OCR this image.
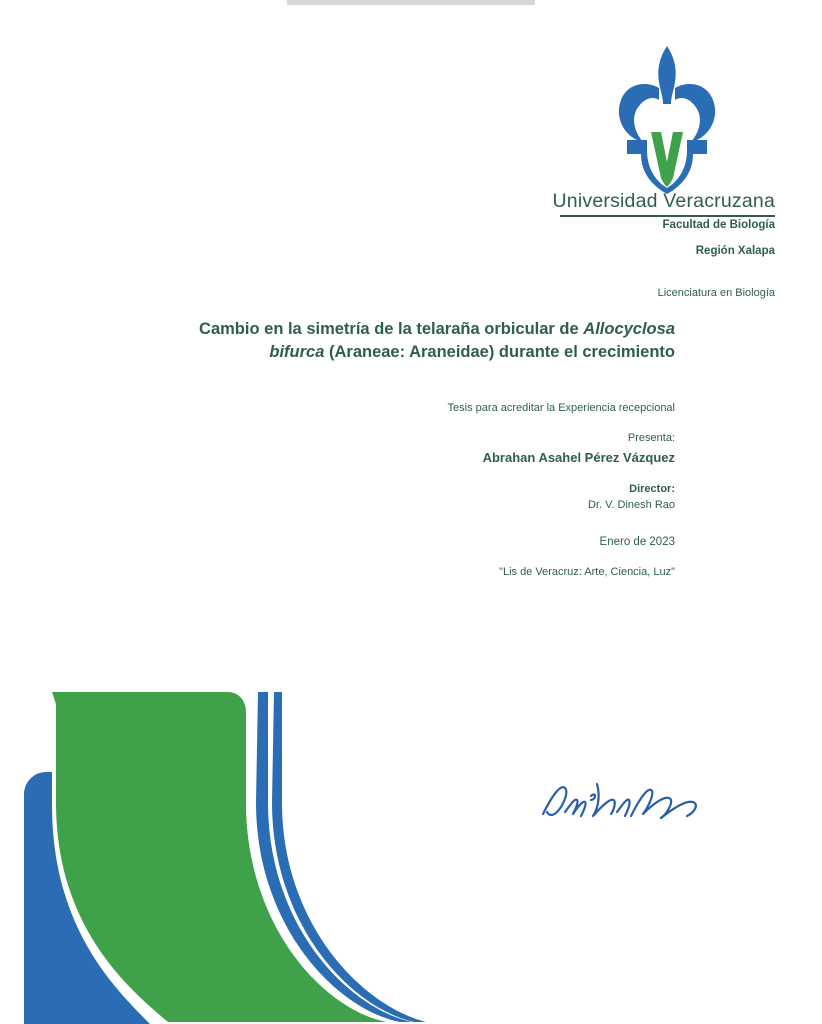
Universidad Veracruzana
Facultad de Biología
Región Xalapa
Licenciatura en Biología
Cambio en la simetría de la telaraña orbicular de Allocyclosa bifurca (Araneae: Araneidae) durante el crecimiento
Tesis para acreditar la Experiencia recepcional
Presenta:
Abrahan Asahel Pérez Vázquez
Director:
Dr. V. Dinesh Rao
Enero de 2023
"Lis de Veracruz: Arte, Ciencia, Luz"
